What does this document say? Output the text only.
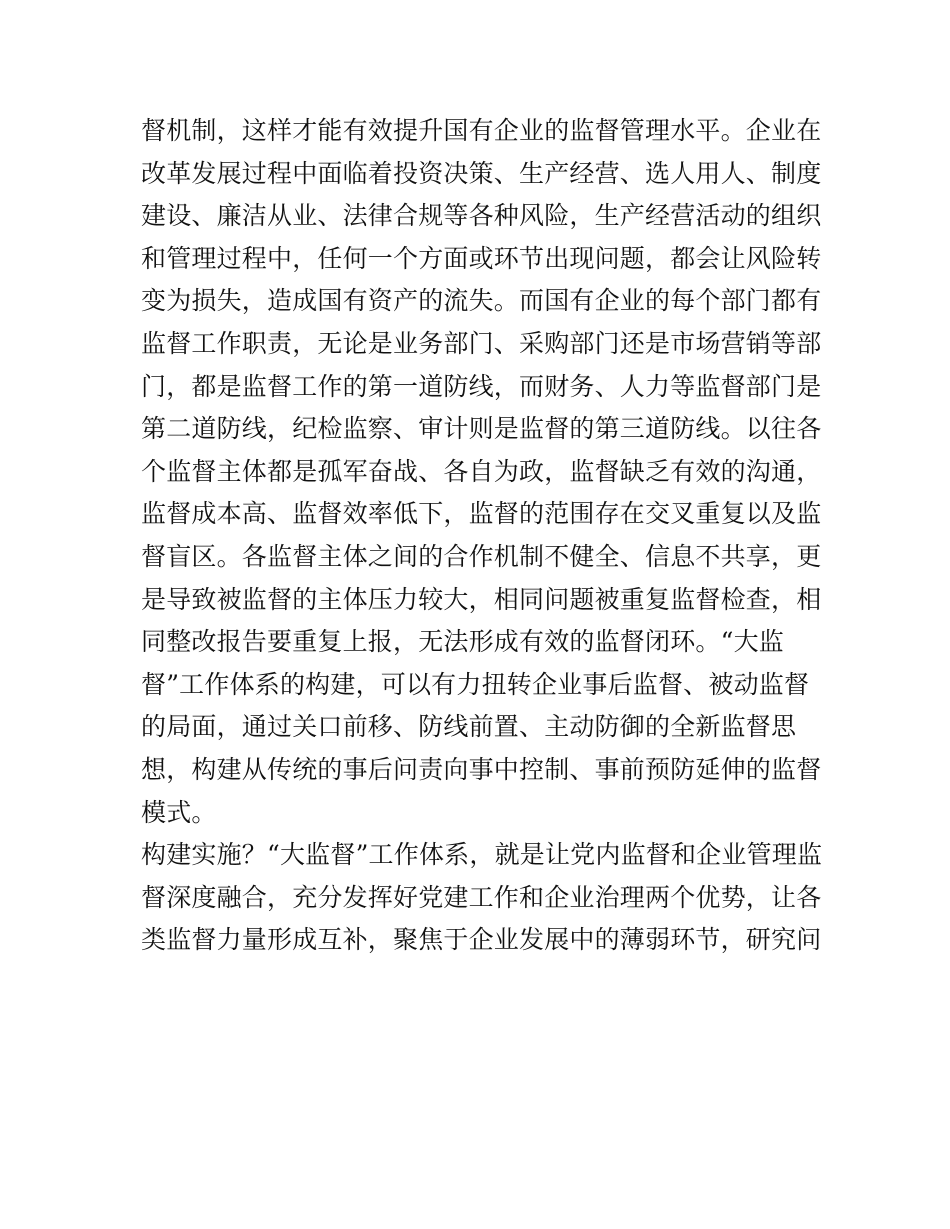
督机制，这样才能有效提升国有企业的监督管理水平。企业在
改革发展过程中面临着投资决策、生产经营、选人用人、制度
建设、廉洁从业、法律合规等各种风险，生产经营活动的组织
和管理过程中，任何一个方面或环节出现问题，都会让风险转
变为损失，造成国有资产的流失。而国有企业的每个部门都有
监督工作职责，无论是业务部门、采购部门还是市场营销等部
门，都是监督工作的第一道防线，而财务、人力等监督部门是
第二道防线，纪检监察、审计则是监督的第三道防线。以往各
个监督主体都是孤军奋战、各自为政，监督缺乏有效的沟通，
监督成本高、监督效率低下，监督的范围存在交叉重复以及监
督盲区。各监督主体之间的合作机制不健全、信息不共享，更
是导致被监督的主体压力较大，相同问题被重复监督检查，相
同整改报告要重复上报，无法形成有效的监督闭环。“大监
督”工作体系的构建，可以有力扭转企业事后监督、被动监督
的局面，通过关口前移、防线前置、主动防御的全新监督思
想，构建从传统的事后问责向事中控制、事前预防延伸的监督
模式。
构建实施？“大监督”工作体系，就是让党内监督和企业管理监
督深度融合，充分发挥好党建工作和企业治理两个优势，让各
类监督力量形成互补，聚焦于企业发展中的薄弱环节，研究问
